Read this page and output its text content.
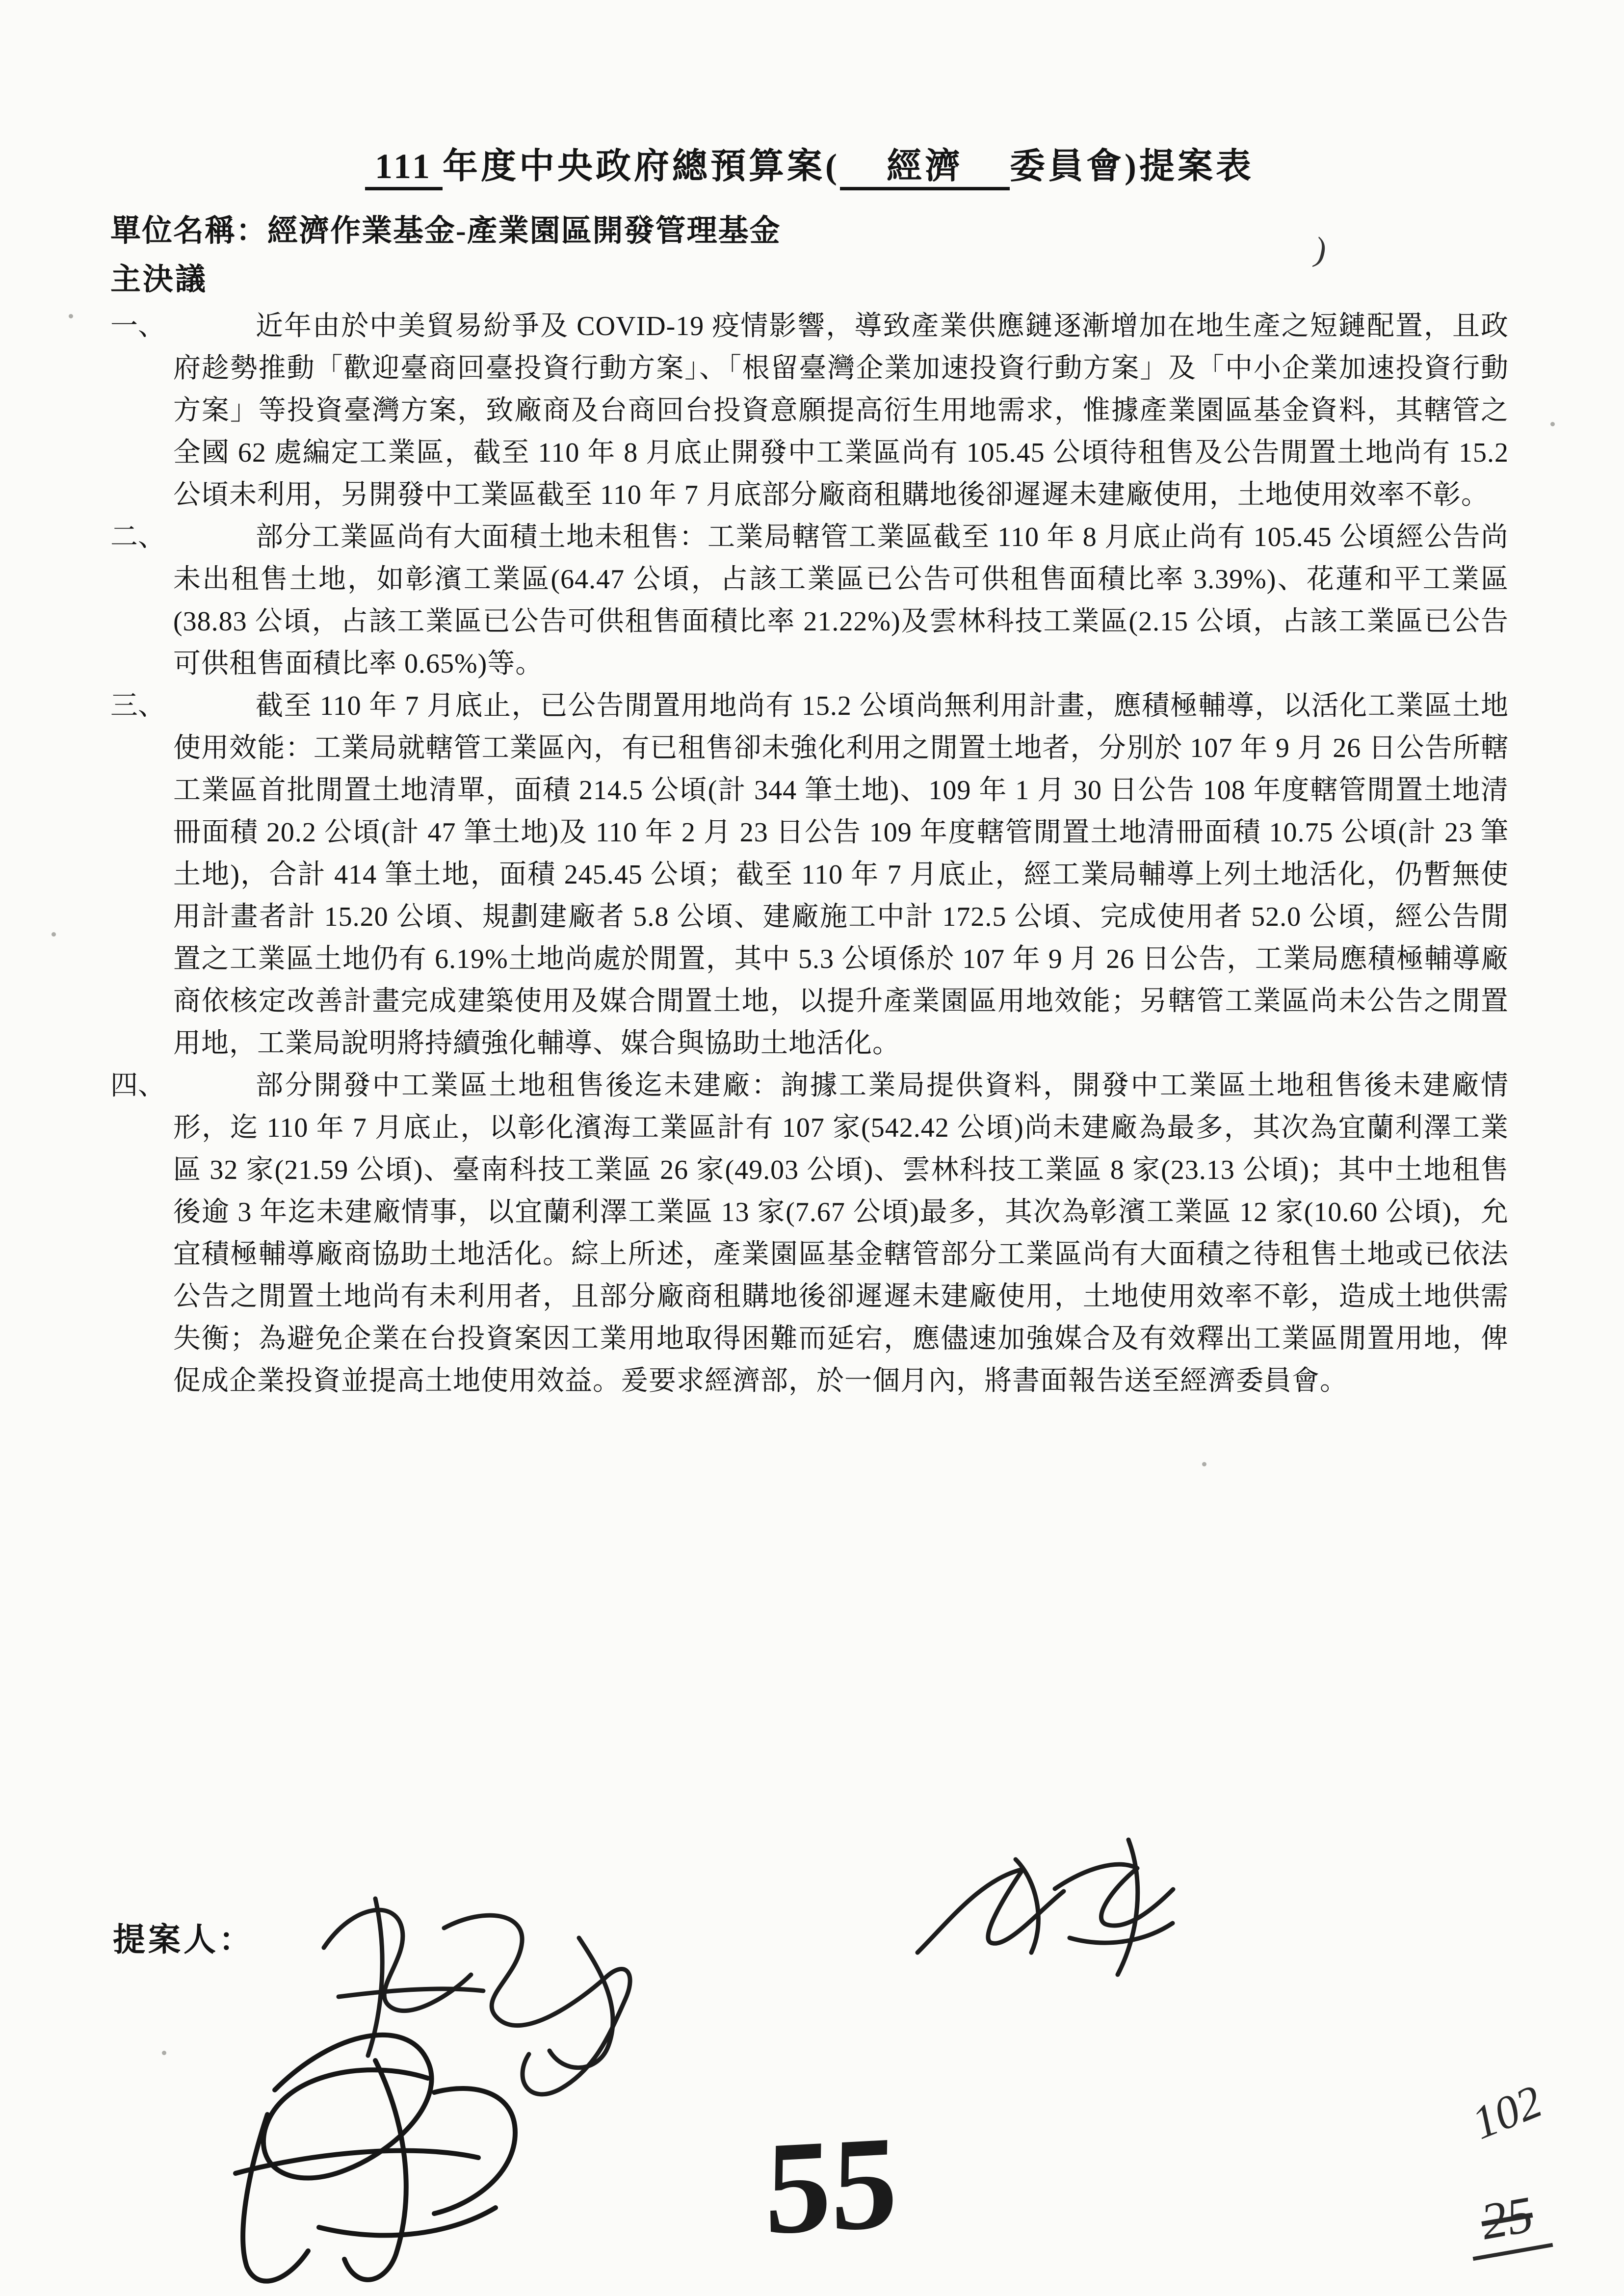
111 年度中央政府總預算案( 經濟 委員會)提案表
單位名稱：經濟作業基金-產業園區開發管理基金
主決議
一、	近年由於中美貿易紛爭及 COVID-19 疫情影響，導致產業供應鏈逐漸增加在地生產之短鏈配置，且政府趁勢推動「歡迎臺商回臺投資行動方案」、「根留臺灣企業加速投資行動方案」及「中小企業加速投資行動方案」等投資臺灣方案，致廠商及台商回台投資意願提高衍生用地需求，惟據產業園區基金資料，其轄管之全國 62 處編定工業區，截至 110 年 8 月底止開發中工業區尚有 105.45 公頃待租售及公告閒置土地尚有 15.2 公頃未利用，另開發中工業區截至 110 年 7 月底部分廠商租購地後卻遲遲未建廠使用，土地使用效率不彰。
二、	部分工業區尚有大面積土地未租售：工業局轄管工業區截至 110 年 8 月底止尚有 105.45 公頃經公告尚未出租售土地，如彰濱工業區(64.47 公頃，占該工業區已公告可供租售面積比率 3.39%)、花蓮和平工業區(38.83 公頃，占該工業區已公告可供租售面積比率 21.22%)及雲林科技工業區(2.15 公頃，占該工業區已公告可供租售面積比率 0.65%)等。
三、	截至 110 年 7 月底止，已公告閒置用地尚有 15.2 公頃尚無利用計畫，應積極輔導，以活化工業區土地使用效能：工業局就轄管工業區內，有已租售卻未強化利用之閒置土地者，分別於 107 年 9 月 26 日公告所轄工業區首批閒置土地清單，面積 214.5 公頃(計 344 筆土地)、109 年 1 月 30 日公告 108 年度轄管閒置土地清冊面積 20.2 公頃(計 47 筆土地)及 110 年 2 月 23 日公告 109 年度轄管閒置土地清冊面積 10.75 公頃(計 23 筆土地)，合計 414 筆土地，面積 245.45 公頃；截至 110 年 7 月底止，經工業局輔導上列土地活化，仍暫無使用計畫者計 15.20 公頃、規劃建廠者 5.8 公頃、建廠施工中計 172.5 公頃、完成使用者 52.0 公頃，經公告閒置之工業區土地仍有 6.19%土地尚處於閒置，其中 5.3 公頃係於 107 年 9 月 26 日公告，工業局應積極輔導廠商依核定改善計畫完成建築使用及媒合閒置土地，以提升產業園區用地效能；另轄管工業區尚未公告之閒置用地，工業局說明將持續強化輔導、媒合與協助土地活化。
四、	部分開發中工業區土地租售後迄未建廠：詢據工業局提供資料，開發中工業區土地租售後未建廠情形，迄 110 年 7 月底止，以彰化濱海工業區計有 107 家(542.42 公頃)尚未建廠為最多，其次為宜蘭利澤工業區 32 家(21.59 公頃)、臺南科技工業區 26 家(49.03 公頃)、雲林科技工業區 8 家(23.13 公頃)；其中土地租售後逾 3 年迄未建廠情事，以宜蘭利澤工業區 13 家(7.67 公頃)最多，其次為彰濱工業區 12 家(10.60 公頃)，允宜積極輔導廠商協助土地活化。綜上所述，產業園區基金轄管部分工業區尚有大面積之待租售土地或已依法公告之閒置土地尚有未利用者，且部分廠商租購地後卻遲遲未建廠使用，土地使用效率不彰，造成土地供需失衡；為避免企業在台投資案因工業用地取得困難而延宕，應儘速加強媒合及有效釋出工業區閒置用地，俾促成企業投資並提高土地使用效益。爰要求經濟部，於一個月內，將書面報告送至經濟委員會。
提案人：
55	102
25
)
